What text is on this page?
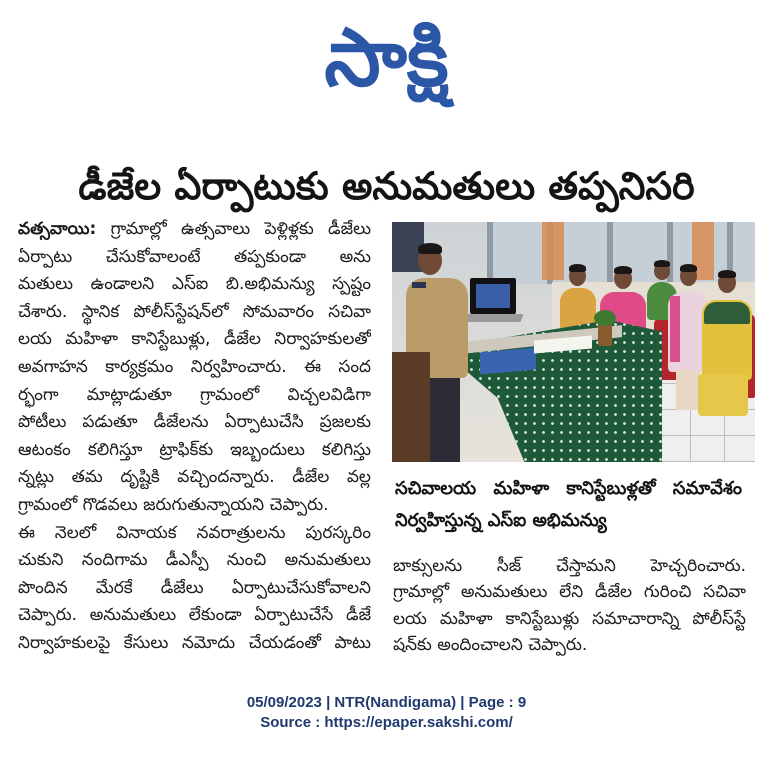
సాక్షి
డీజేల ఏర్పాటుకు అనుమతులు తప్పనిసరి
వత్సవాయి: గ్రామాల్లో ఉత్సవాలు పెళ్లిళ్లకు డీజేలు
ఏర్పాటు చేసుకోవాలంటే తప్పకుండా అను
మతులు ఉండాలని ఎస్‌ఐ బి.అభిమన్యు స్పష్టం
చేశారు. స్థానిక పోలీస్‌స్టేషన్‌లో సోమవారం సచివా
లయ మహిళా కానిస్టేబుళ్లు, డీజేల నిర్వాహకులతో
అవగాహన కార్యక్రమం నిర్వహించారు. ఈ సంద
ర్భంగా మాట్లాడుతూ గ్రామంలో విచ్చలవిడిగా
పోటీలు పడుతూ డీజేలను ఏర్పాటుచేసి ప్రజలకు
ఆటంకం కలిగిస్తూ ట్రాఫిక్‌కు ఇబ్బందులు కలిగిస్తు
న్నట్లు తమ దృష్టికి వచ్చిందన్నారు. డీజేల వల్ల
గ్రామంలో గొడవలు జరుగుతున్నాయని చెప్పారు.
ఈ నెలలో వినాయక నవరాత్రులను పురస్కరిం
చుకుని నందిగామ డీఎస్పీ నుంచి అనుమతులు
పొందిన మేరకే డీజేలు ఏర్పాటుచేసుకోవాలని
చెప్పారు. అనుమతులు లేకుండా ఏర్పాటుచేసే డీజే
నిర్వాహకులపై కేసులు నమోదు చేయడంతో పాటు
సచివాలయ మహిళా కానిస్టేబుళ్లతో సమావేశం
నిర్వహిస్తున్న ఎస్‌ఐ అభిమన్యు
బాక్సులను సీజ్ చేస్తామని హెచ్చరించారు.
గ్రామాల్లో అనుమతులు లేని డీజేల గురించి సచివా
లయ మహిళా కానిస్టేబుళ్లు సమాచారాన్ని పోలీస్‌స్టే
షన్‌కు అందించాలని చెప్పారు.
05/09/2023 | NTR(Nandigama) | Page : 9
Source : https://epaper.sakshi.com/
